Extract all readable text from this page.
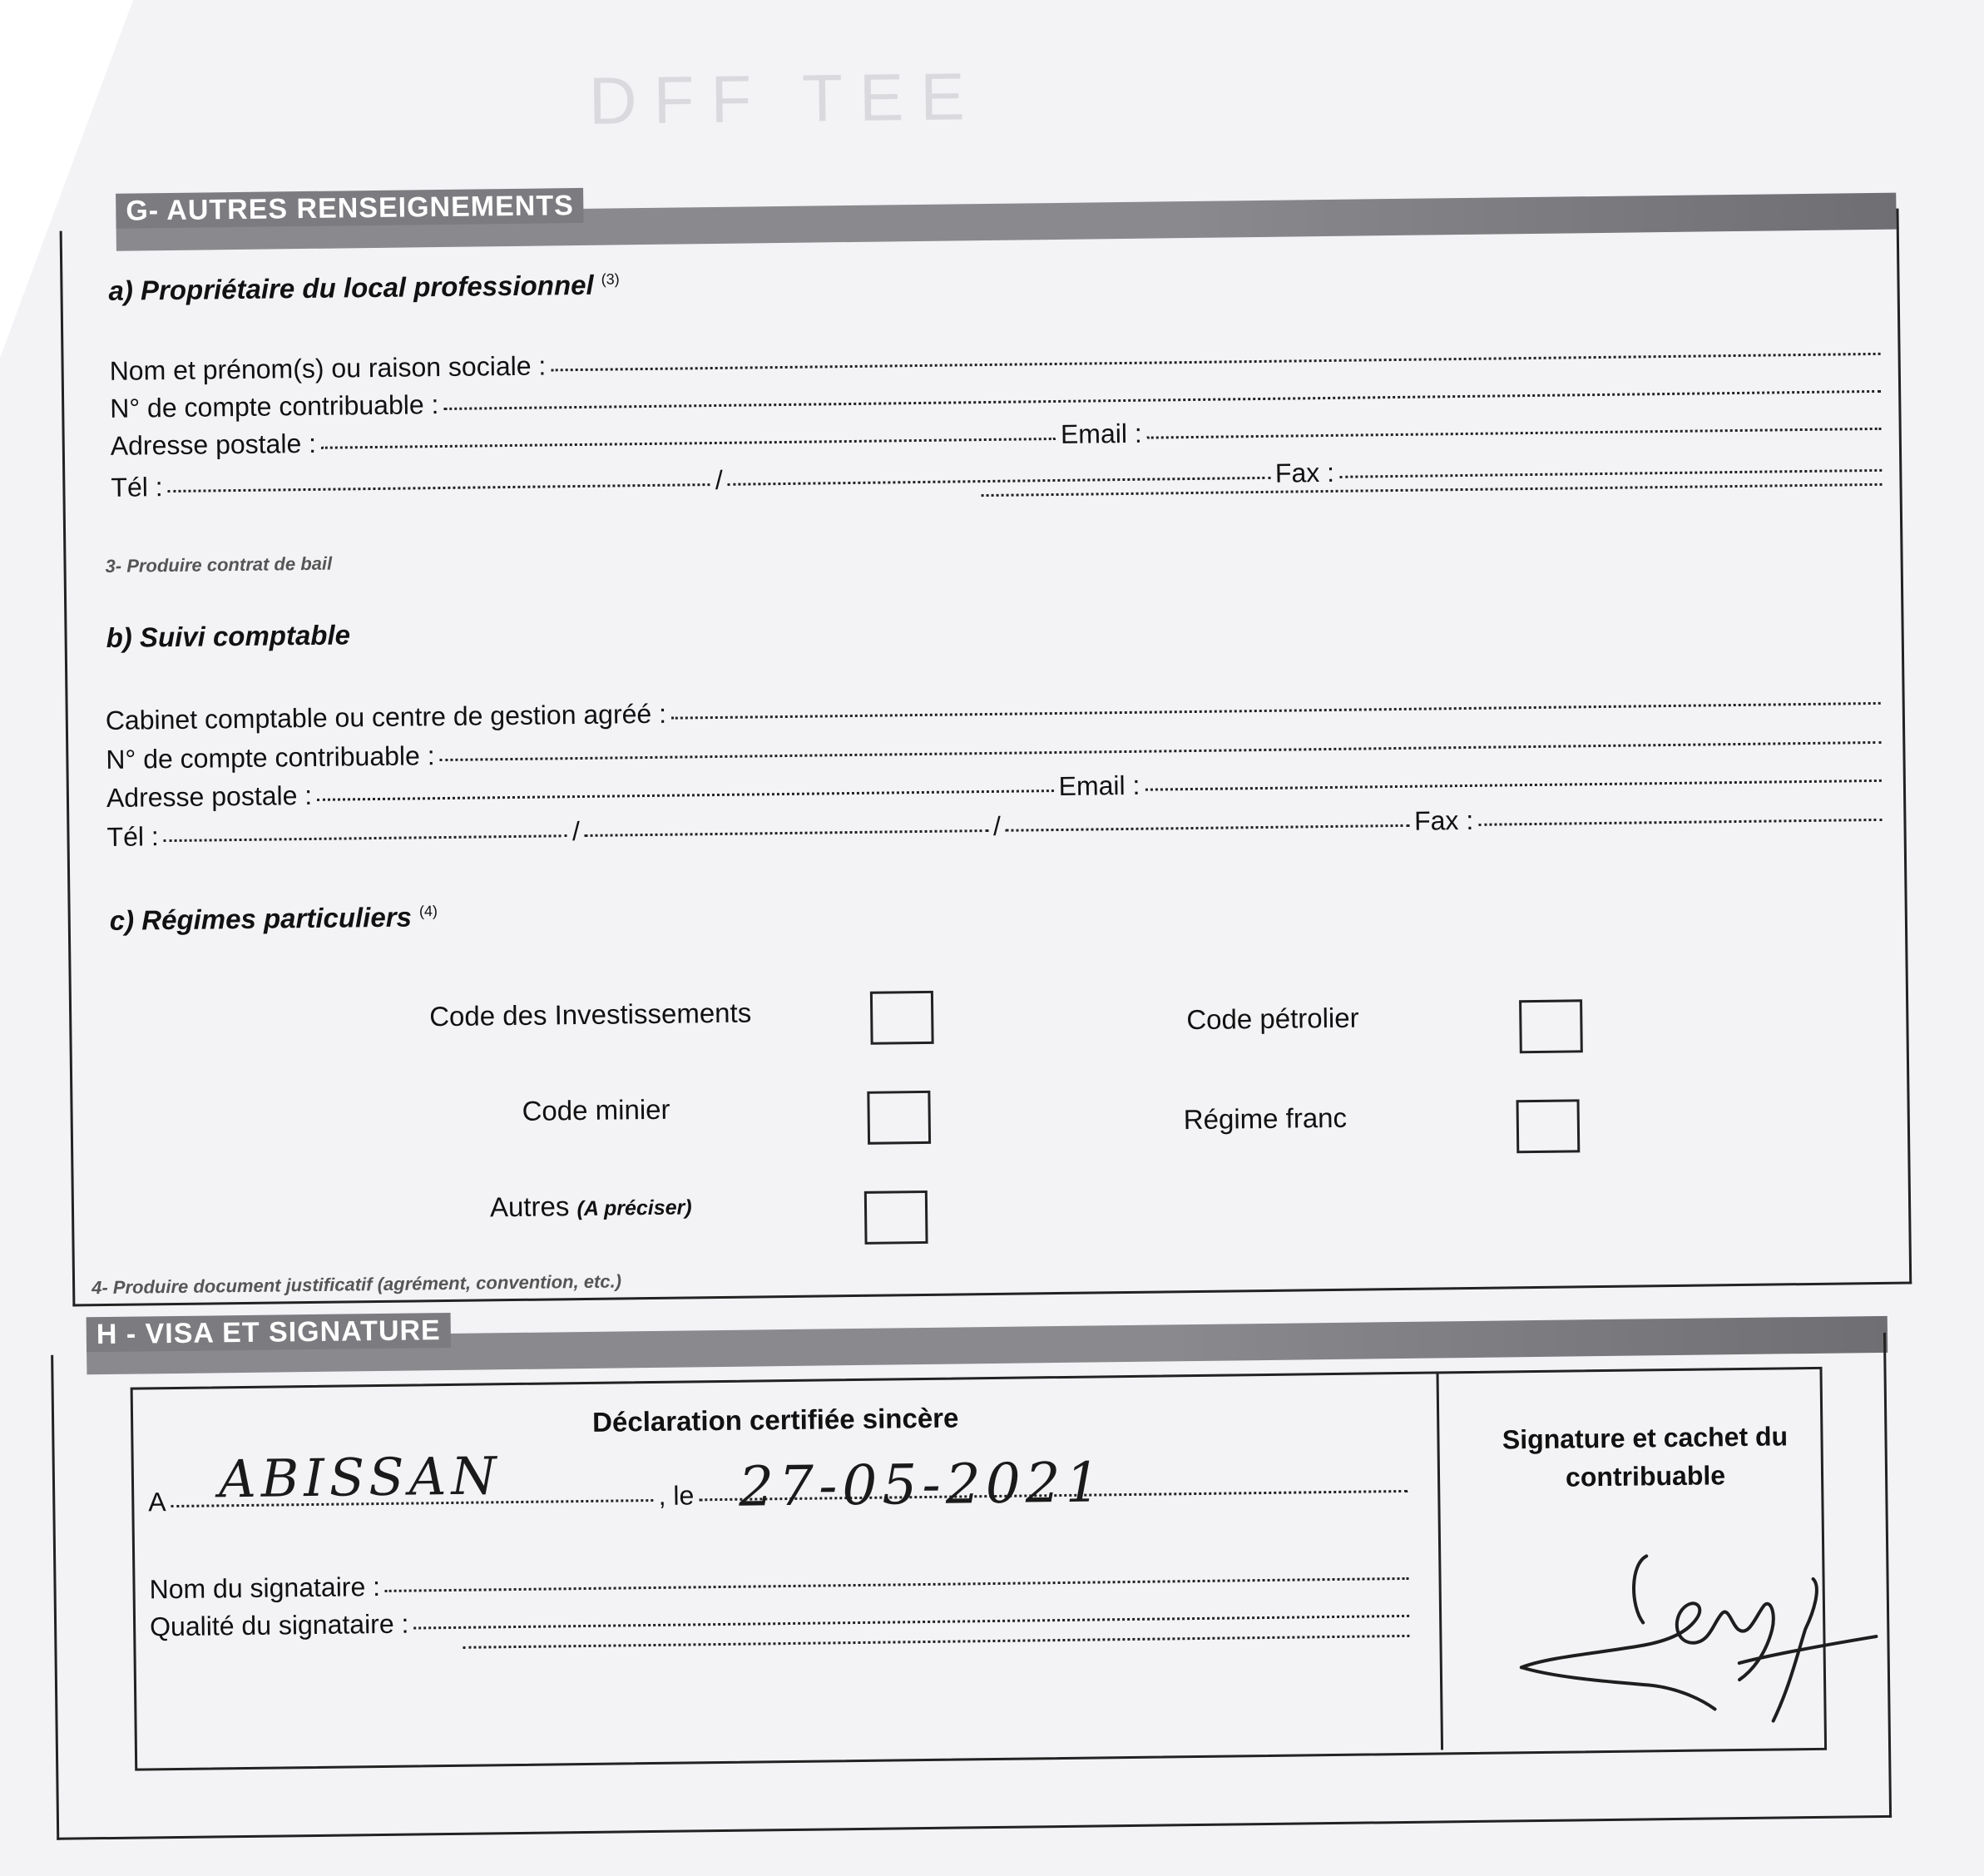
DFF TEE
G- AUTRES RENSEIGNEMENTS
a) Propriétaire du local professionnel $^{(3)}$
Nom et prénom(s) ou raison sociale :
N° de compte contribuable :
Adresse postale :	Email :
Tél :	/	Fax :
3- Produire contrat de bail
b) Suivi comptable
Cabinet comptable ou centre de gestion agréé :
N° de compte contribuable :
Adresse postale :	Email :
Tél :	/	/	Fax :
c) Régimes particuliers $^{(4)}$
Code des Investissements	Code pétrolier
Code minier	Régime franc
Autres (A préciser)
4- Produire document justificatif (agrément, convention, etc.)
H - VISA ET SIGNATURE
Déclaration certifiée sincère
A	, le
ABISSAN	27-05-2021
Nom du signataire :
Qualité du signataire :
Signature et cachet du contribuable
